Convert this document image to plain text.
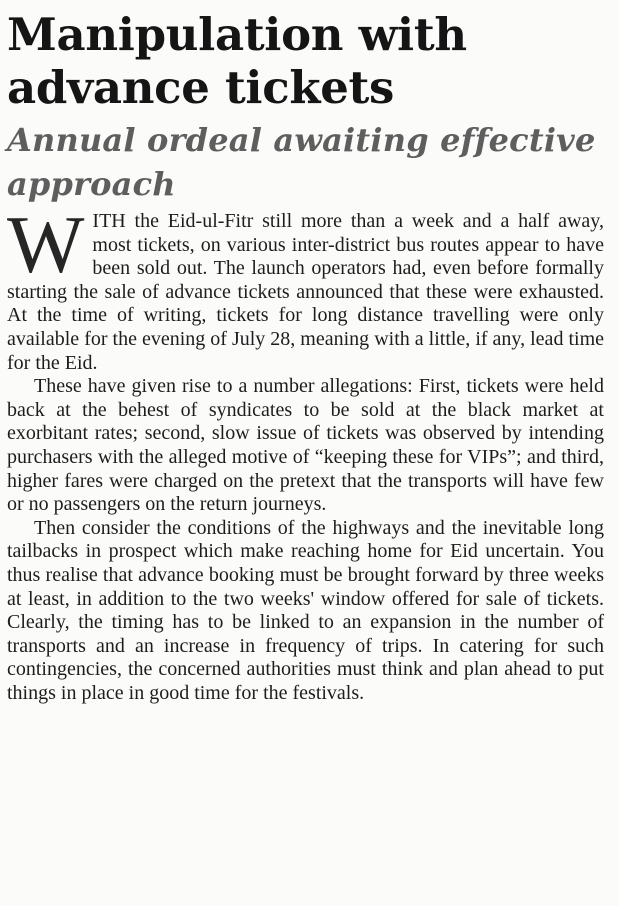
Manipulation with advance tickets
Annual ordeal awaiting effective approach

WITH the Eid-ul-Fitr still more than a week and a half away, most tickets, on various inter-district bus routes appear to have been sold out. The launch operators had, even before formally starting the sale of advance tickets announced that these were exhausted. At the time of writing, tickets for long distance travelling were only available for the evening of July 28, meaning with a little, if any, lead time for the Eid.

These have given rise to a number allegations: First, tickets were held back at the behest of syndicates to be sold at the black market at exorbitant rates; second, slow issue of tickets was observed by intending purchasers with the alleged motive of “keeping these for VIPs”; and third, higher fares were charged on the pretext that the transports will have few or no passengers on the return journeys.

Then consider the conditions of the highways and the inevitable long tailbacks in prospect which make reaching home for Eid uncertain. You thus realise that advance booking must be brought forward by three weeks at least, in addition to the two weeks' window offered for sale of tickets. Clearly, the timing has to be linked to an expansion in the number of transports and an increase in frequency of trips. In catering for such contingencies, the concerned authorities must think and plan ahead to put things in place in good time for the festivals.
